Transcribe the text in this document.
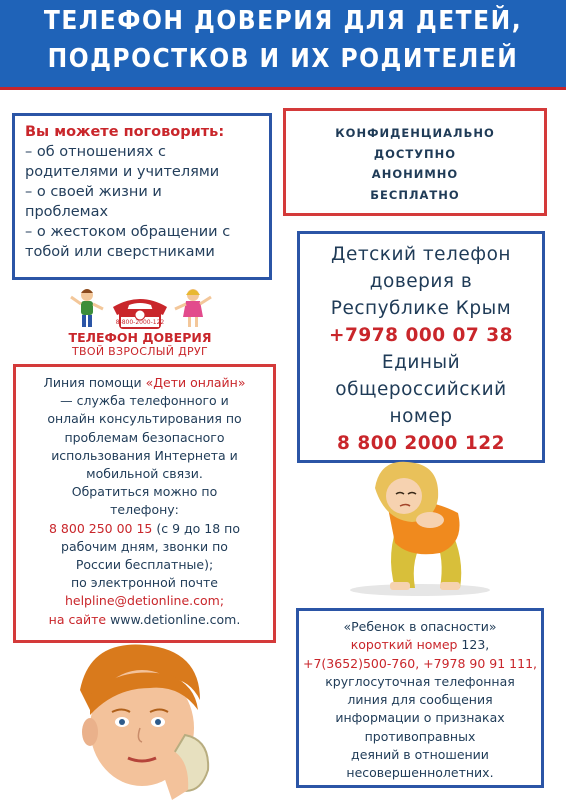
ТЕЛЕФОН ДОВЕРИЯ ДЛЯ ДЕТЕЙ,
ПОДРОСТКОВ И ИХ РОДИТЕЛЕЙ
Вы можете поговорить:
– об отношениях с
родителями и учителями
– о своей жизни и
проблемах
– о жестоком обращении с
тобой или сверстниками
КОНФИДЕНЦИАЛЬНО
ДОСТУПНО
АНОНИМНО
БЕСПЛАТНО
Детский телефон
доверия в
Республике Крым
+7978 000 07 38
Единый
общероссийский
номер
8 800 2000 122
8-800-2000-122
ТЕЛЕФОН ДОВЕРИЯ
ТВОЙ ВЗРОСЛЫЙ ДРУГ
Линия помощи «Дети онлайн»
— служба телефонного и
онлайн консультирования по
проблемам безопасного
использования Интернета и
мобильной связи.
Обратиться можно по
телефону:
8 800 250 00 15 (с 9 до 18 по
рабочим дням, звонки по
России бесплатные);
по электронной почте
helpline@detionline.com;
на сайте www.detionline.com.	«Ребенок в опасности»
короткий номер 123,
+7(3652)500-760, +7978 90 91 111,
круглосуточная телефонная
линия для сообщения
информации о признаках
противоправных
деяний в отношении
несовершеннолетних.
